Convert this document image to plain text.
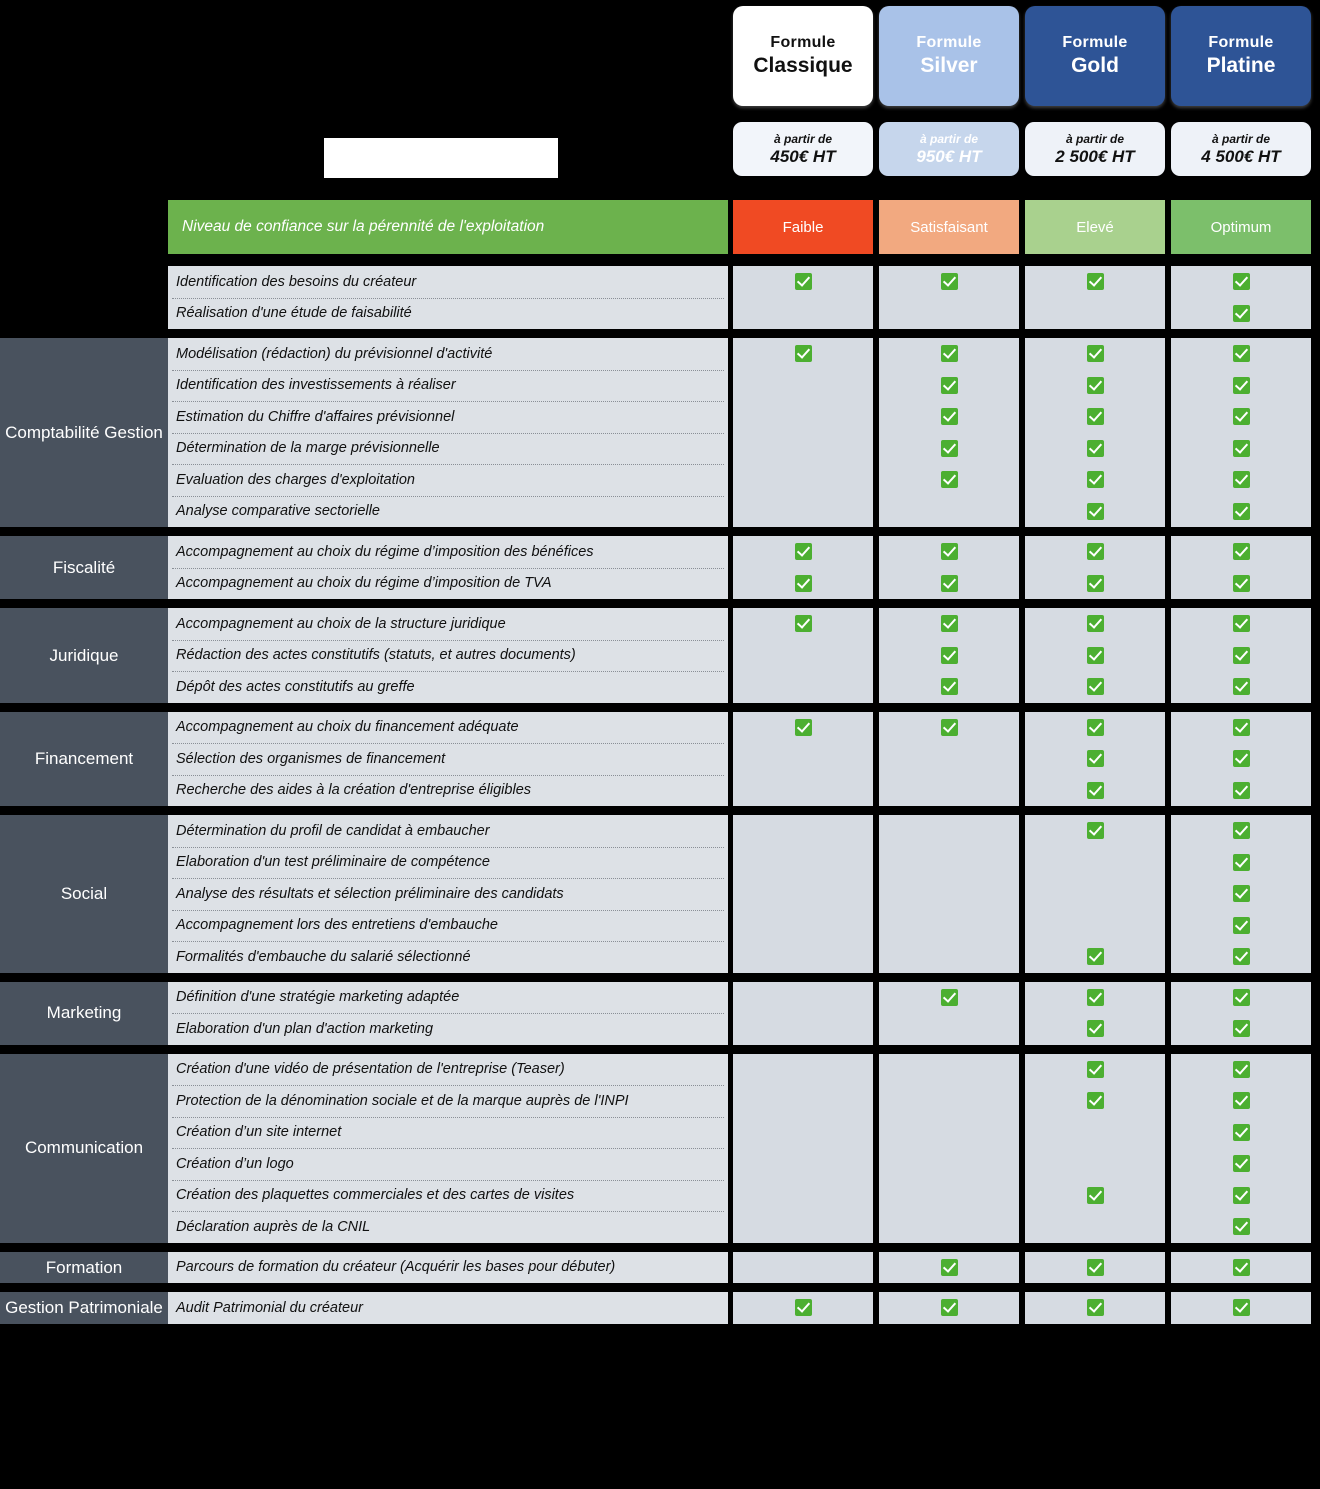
Formule
Classique
à partir de
450€ HT
Faible
Formule
Silver
à partir de
950€ HT
Satisfaisant
Formule
Gold
à partir de
2 500€ HT
Elevé
Formule
Platine
à partir de
4 500€ HT
Optimum
Niveau de confiance sur la pérennité de l'exploitation
Identification des besoins du créateur
Réalisation d'une étude de faisabilité
Comptabilité Gestion
Modélisation (rédaction) du prévisionnel d'activité
Identification des investissements à réaliser
Estimation du Chiffre d'affaires prévisionnel
Détermination de la marge prévisionnelle
Evaluation des charges d'exploitation
Analyse comparative sectorielle
Fiscalité
Accompagnement au choix du régime d’imposition des bénéfices
Accompagnement au choix du régime d’imposition de TVA
Juridique
Accompagnement au choix de la structure juridique
Rédaction des actes constitutifs (statuts, et autres documents)
Dépôt des actes constitutifs au greffe
Financement
Accompagnement au choix du financement adéquate
Sélection des organismes de financement
Recherche des aides à la création d'entreprise éligibles
Social
Détermination du profil de candidat à embaucher
Elaboration d'un test préliminaire de compétence
Analyse des résultats et sélection préliminaire des candidats
Accompagnement lors des entretiens d'embauche
Formalités d'embauche du salarié sélectionné
Marketing
Définition d'une stratégie marketing adaptée
Elaboration d'un plan d'action marketing
Communication
Création d'une vidéo de présentation de l'entreprise (Teaser)
Protection de la dénomination sociale et de la marque auprès de l'INPI
Création d’un site internet
Création d’un logo
Création des plaquettes commerciales et des cartes de visites
Déclaration auprès de la CNIL
Formation	Parcours de formation du créateur (Acquérir les bases pour débuter)
Gestion Patrimoniale Audit Patrimonial du créateur
